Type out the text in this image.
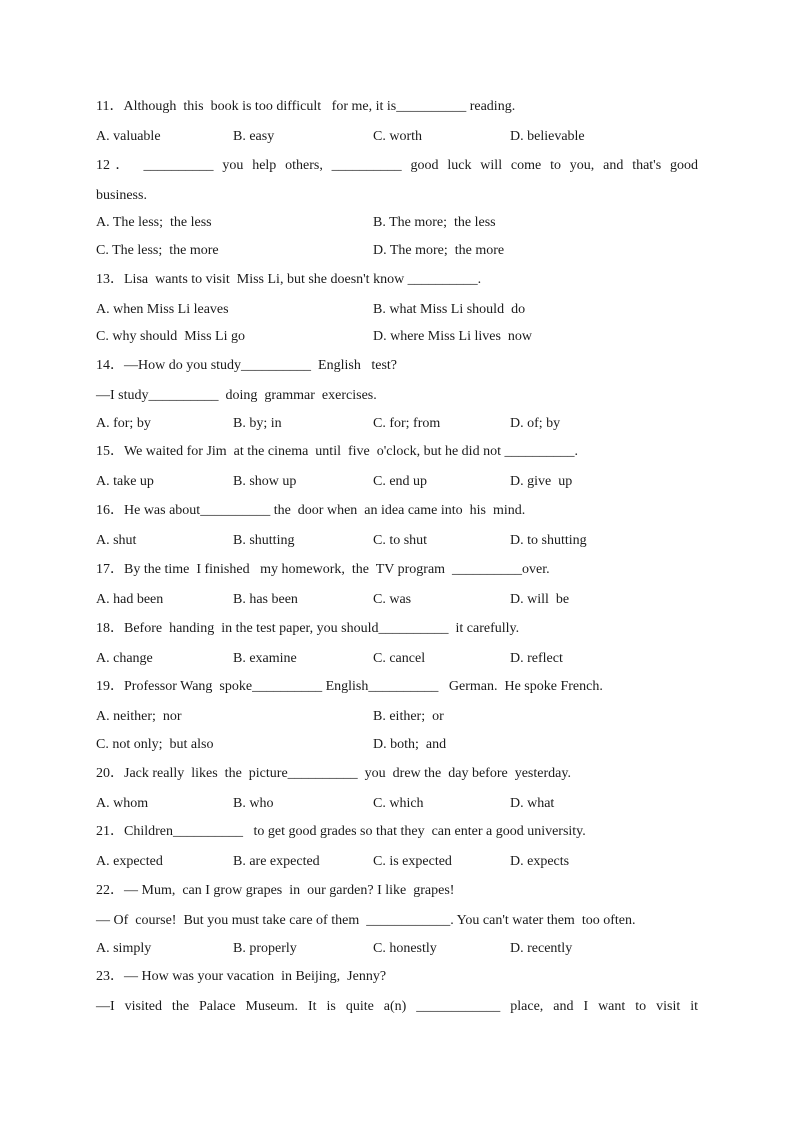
11．Although  this  book is too difficult   for me, it is__________ reading.
A. valuable	B. easy	C. worth	D. believable
12． __________ you help others, __________ good luck will come to you, and that's good
business.
A. The less;  the less	B. The more;  the less
C. The less;  the more	D. The more;  the more
13．Lisa  wants to visit  Miss Li, but she doesn't know __________.
A. when Miss Li leaves	B. what Miss Li should  do
C. why should  Miss Li go	D. where Miss Li lives  now
14．—How do you study__________  English   test?
—I study__________  doing  grammar  exercises.
A. for; by	B. by; in	C. for; from	D. of; by
15．We waited for Jim  at the cinema  until  five  o'clock, but he did not __________.
A. take up	B. show up	C. end up	D. give  up
16．He was about__________ the  door when  an idea came into  his  mind.
A. shut	B. shutting	C. to shut	D. to shutting
17．By the time  I finished   my homework,  the  TV program  __________over.
A. had been	B. has been	C. was	D. will  be
18．Before  handing  in the test paper, you should__________  it carefully.
A. change	B. examine	C. cancel	D. reflect
19．Professor Wang  spoke__________ English__________   German.  He spoke French.
A. neither;  nor	B. either;  or
C. not only;  but also	D. both;  and
20．Jack really  likes  the  picture__________  you  drew the  day before  yesterday.
A. whom	B. who	C. which	D. what
21．Children__________   to get good grades so that they  can enter a good university.
A. expected	B. are expected	C. is expected	D. expects
22．— Mum,  can I grow grapes  in  our garden? I like  grapes!
— Of  course!  But you must take care of them  ____________. You can't water them  too often.
A. simply	B. properly	C. honestly	D. recently
23．— How was your vacation  in Beijing,  Jenny?
—I visited the Palace Museum. It is quite a(n) ____________ place, and I want to visit it
